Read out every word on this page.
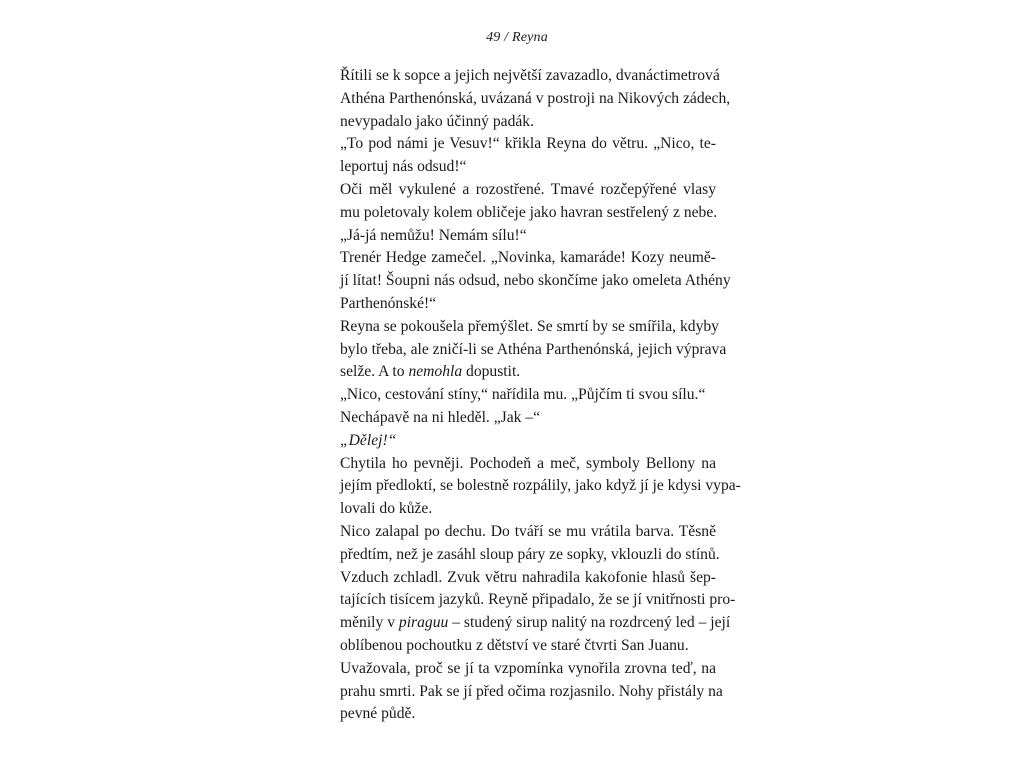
49 / Reyna
Řítili se k sopce a jejich největší zavazadlo, dvanáctimetrová
Athéna Parthenónská, uvázaná v postroji na Nikových zádech,
nevypadalo jako účinný padák.
„To pod námi je Vesuv!“ křikla Reyna do větru. „Nico, te-
leportuj nás odsud!“
Oči měl vykulené a rozostřené. Tmavé rozčepýřené vlasy
mu poletovaly kolem obličeje jako havran sestřelený z nebe.
„Já-já nemůžu! Nemám sílu!“
Trenér Hedge zamečel. „Novinka, kamaráde! Kozy neumě-
jí lítat! Šoupni nás odsud, nebo skončíme jako omeleta Athény
Parthenónské!“
Reyna se pokoušela přemýšlet. Se smrtí by se smířila, kdyby
bylo třeba, ale zničí-li se Athéna Parthenónská, jejich výprava
selže. A to nemohla dopustit.
„Nico, cestování stíny,“ nařídila mu. „Půjčím ti svou sílu.“
Nechápavě na ni hleděl. „Jak –“
„Dělej!“
Chytila ho pevněji. Pochodeň a meč, symboly Bellony na
jejím předloktí, se bolestně rozpálily, jako když jí je kdysi vypa-
lovali do kůže.
Nico zalapal po dechu. Do tváří se mu vrátila barva. Těsně
předtím, než je zasáhl sloup páry ze sopky, vklouzli do stínů.
Vzduch zchladl. Zvuk větru nahradila kakofonie hlasů šep-
tajících tisícem jazyků. Reyně připadalo, že se jí vnitřnosti pro-
měnily v piraguu – studený sirup nalitý na rozdrcený led – její
oblíbenou pochoutku z dětství ve staré čtvrti San Juanu.
Uvažovala, proč se jí ta vzpomínka vynořila zrovna teď, na
prahu smrti. Pak se jí před očima rozjasnilo. Nohy přistály na
pevné půdě.
